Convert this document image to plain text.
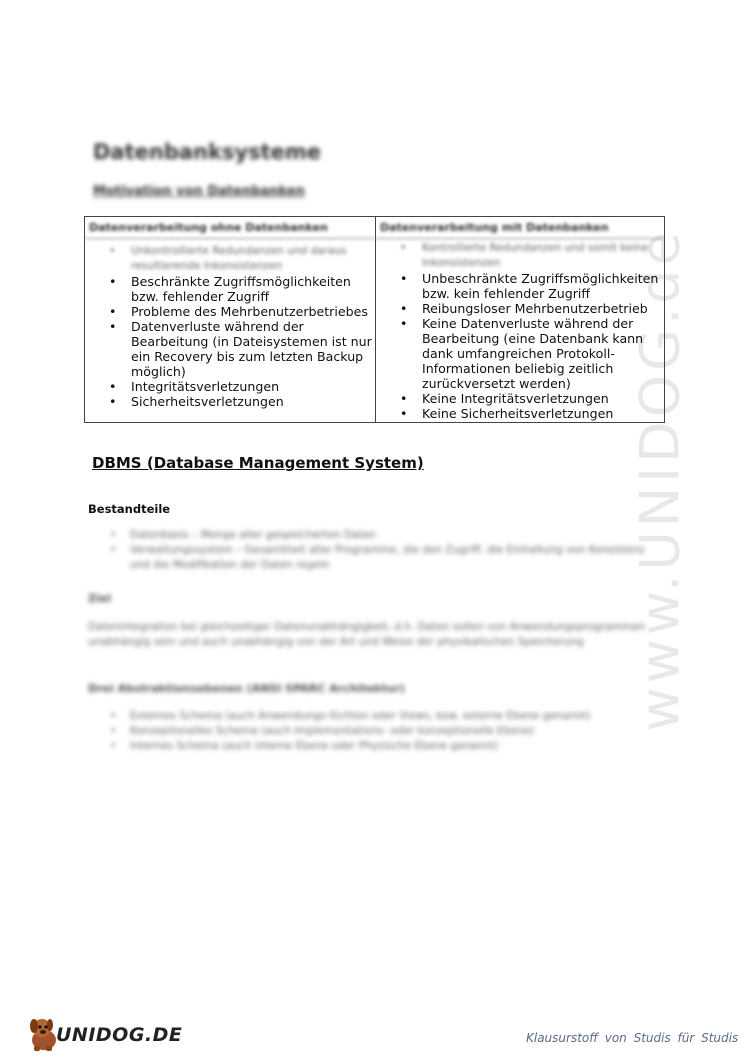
www.UNIDOG.de
Datenbanksysteme
Motivation von Datenbanken
Datenverarbeitung ohne Datenbanken
• Unkontrollierte Redundanzen und daraus resultierende Inkonsistenzen
• Beschränkte Zugriffsmöglichkeiten bzw. fehlender Zugriff
• Probleme des Mehrbenutzerbetriebes
• Datenverluste während der Bearbeitung (in Dateisystemen ist nur ein Recovery bis zum letzten Backup möglich)
• Integritätsverletzungen
• Sicherheitsverletzungen
Datenverarbeitung mit Datenbanken
• Kontrollierte Redundanzen und somit keine Inkonsistenzen
• Unbeschränkte Zugriffsmöglichkeiten bzw. kein fehlender Zugriff
• Reibungsloser Mehrbenutzerbetrieb
• Keine Datenverluste während der Bearbeitung (eine Datenbank kann dank umfangreichen Protokoll-Informationen beliebig zeitlich zurückversetzt werden)
• Keine Integritätsverletzungen
• Keine Sicherheitsverletzungen
DBMS (Database Management System)
Bestandteile
• Datenbasis – Menge aller gespeicherten Daten
• Verwaltungssystem – Gesamtheit aller Programme, die den Zugriff, die Einhaltung von Konsistenz und die Modifikation der Daten regeln
Ziel
Datenintegration bei gleichzeitiger Datenunabhängigkeit, d.h. Daten sollen von Anwendungsprogrammen unabhängig sein und auch unabhängig von der Art und Weise der physikalischen Speicherung
Drei Abstraktionsebenen (ANSI SPARC Architektur)
• Externes Schema (auch Anwendungs-Sichten oder Views, bzw. externe Ebene genannt)
• Konzeptionelles Schema (auch Implementations- oder konzeptionelle Ebene)
• Internes Schema (auch interne Ebene oder Physische Ebene genannt)
UNIDOG.DE	Klausurstoff von Studis für Studis
